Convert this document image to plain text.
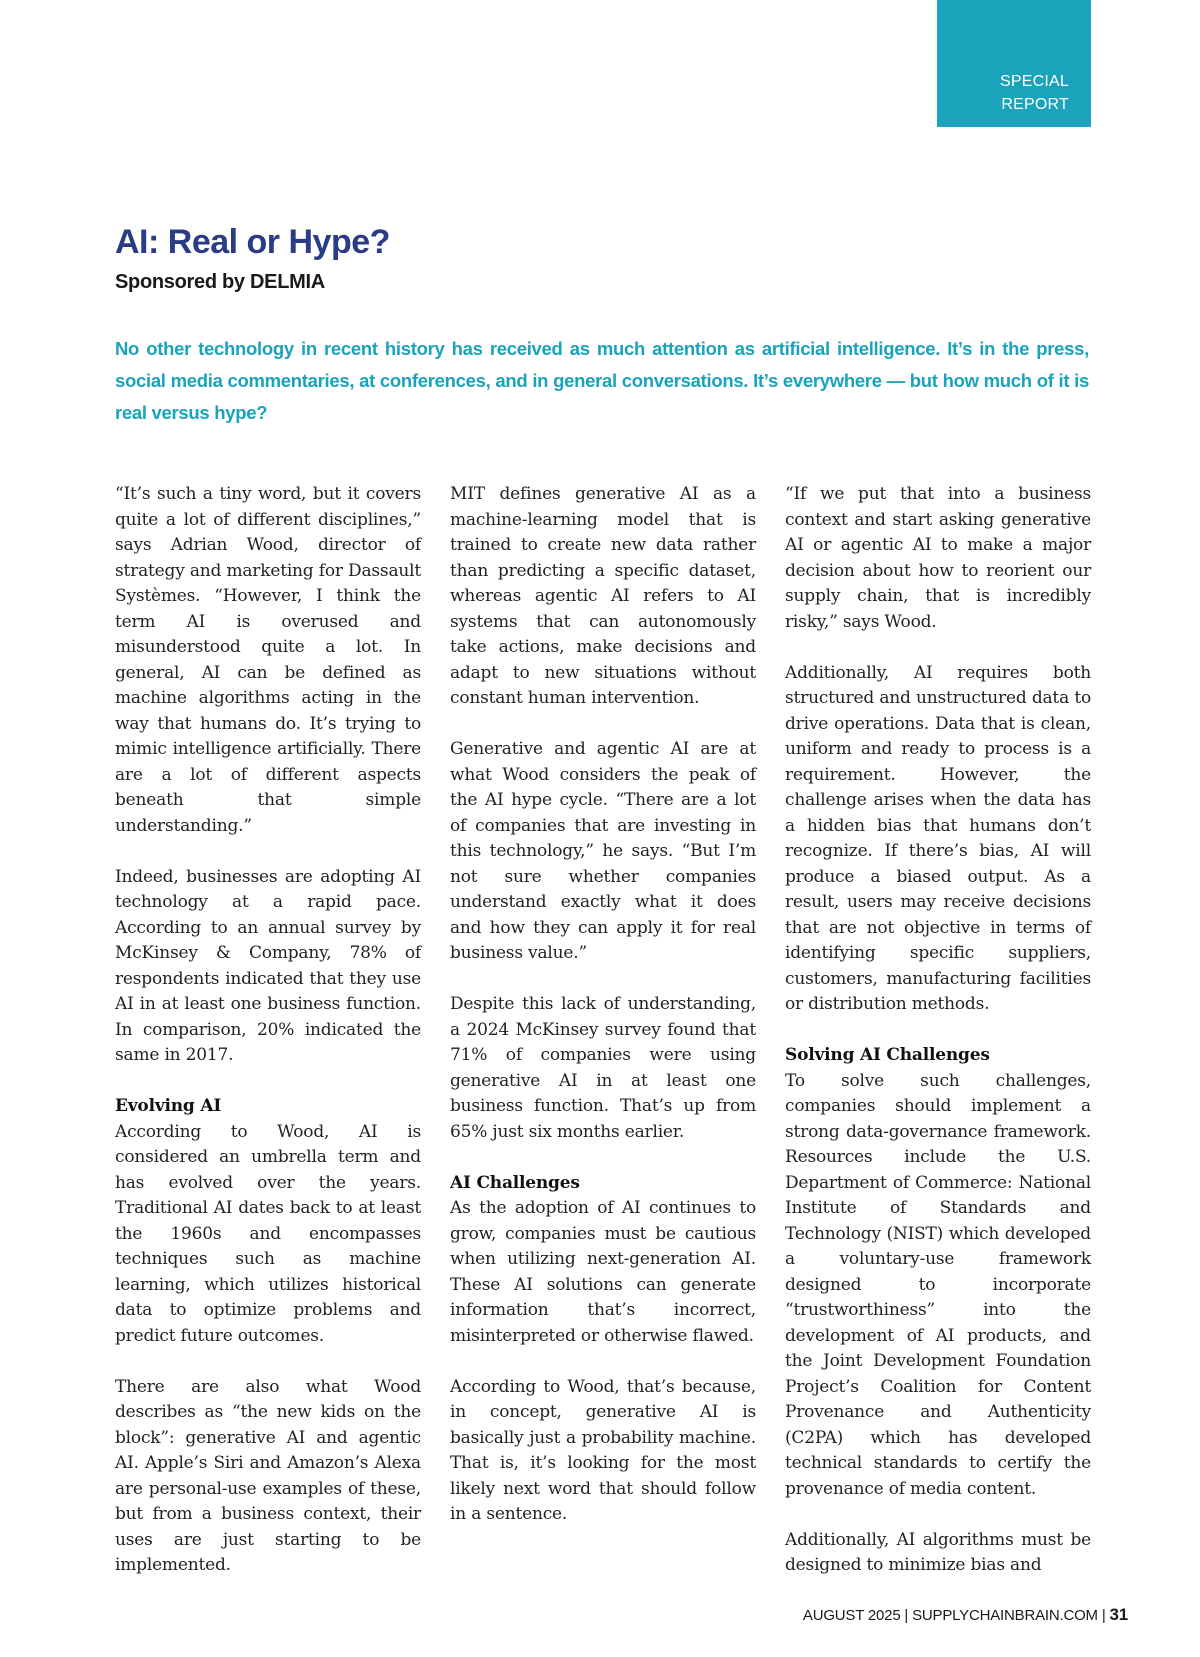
SPECIAL
REPORT
AI: Real or Hype?
Sponsored by DELMIA

No other technology in recent history has received as much attention as artificial intelligence. It’s in the press, social media commentaries, at conferences, and in general conversations. It’s everywhere — but how much of it is real versus hype?

“It’s such a tiny word, but it covers quite a lot of different disciplines,” says Adrian Wood, director of strategy and marketing for Dassault Systèmes. “However, I think the term AI is overused and misunderstood quite a lot. In general, AI can be defined as machine algorithms acting in the way that humans do. It’s trying to mimic intelligence artificially. There are a lot of different aspects beneath that simple understanding.”

Indeed, businesses are adopting AI technology at a rapid pace. According to an annual survey by McKinsey & Company, 78% of respondents indicated that they use AI in at least one business function. In comparison, 20% indicated the same in 2017.

Evolving AI

According to Wood, AI is considered an umbrella term and has evolved over the years. Traditional AI dates back to at least the 1960s and encompasses techniques such as machine learning, which utilizes historical data to optimize problems and predict future outcomes.

There are also what Wood describes as “the new kids on the block”: generative AI and agentic AI. Apple’s Siri and Amazon’s Alexa are personal-use examples of these, but from a business context, their uses are just starting to be implemented.

MIT defines generative AI as a machine-learning model that is trained to create new data rather than predicting a specific dataset, whereas agentic AI refers to AI systems that can autonomously take actions, make decisions and adapt to new situations without constant human intervention.

Generative and agentic AI are at what Wood considers the peak of the AI hype cycle. “There are a lot of companies that are investing in this technology,” he says. “But I’m not sure whether companies understand exactly what it does and how they can apply it for real business value.”

Despite this lack of understanding, a 2024 McKinsey survey found that 71% of companies were using generative AI in at least one business function. That’s up from 65% just six months earlier.

AI Challenges

As the adoption of AI continues to grow, companies must be cautious when utilizing next-generation AI. These AI solutions can generate information that’s incorrect, misinterpreted or otherwise flawed.

According to Wood, that’s because, in concept, generative AI is basically just a probability machine. That is, it’s looking for the most likely next word that should follow in a sentence.

“If we put that into a business context and start asking generative AI or agentic AI to make a major decision about how to reorient our supply chain, that is incredibly risky,” says Wood.

Additionally, AI requires both structured and unstructured data to drive operations. Data that is clean, uniform and ready to process is a requirement. However, the challenge arises when the data has a hidden bias that humans don’t recognize. If there’s bias, AI will produce a biased output. As a result, users may receive decisions that are not objective in terms of identifying specific suppliers, customers, manufacturing facilities or distribution methods.

Solving AI Challenges

To solve such challenges, companies should implement a strong data-governance framework. Resources include the U.S. Department of Commerce: National Institute of Standards and Technology (NIST) which developed a voluntary-use framework designed to incorporate “trustworthiness” into the development of AI products, and the Joint Development Foundation Project’s Coalition for Content Provenance and Authenticity (C2PA) which has developed technical standards to certify the provenance of media content.

Additionally, AI algorithms must be designed to minimize bias and

AUGUST 2025 | SUPPLYCHAINBRAIN.COM | 31
